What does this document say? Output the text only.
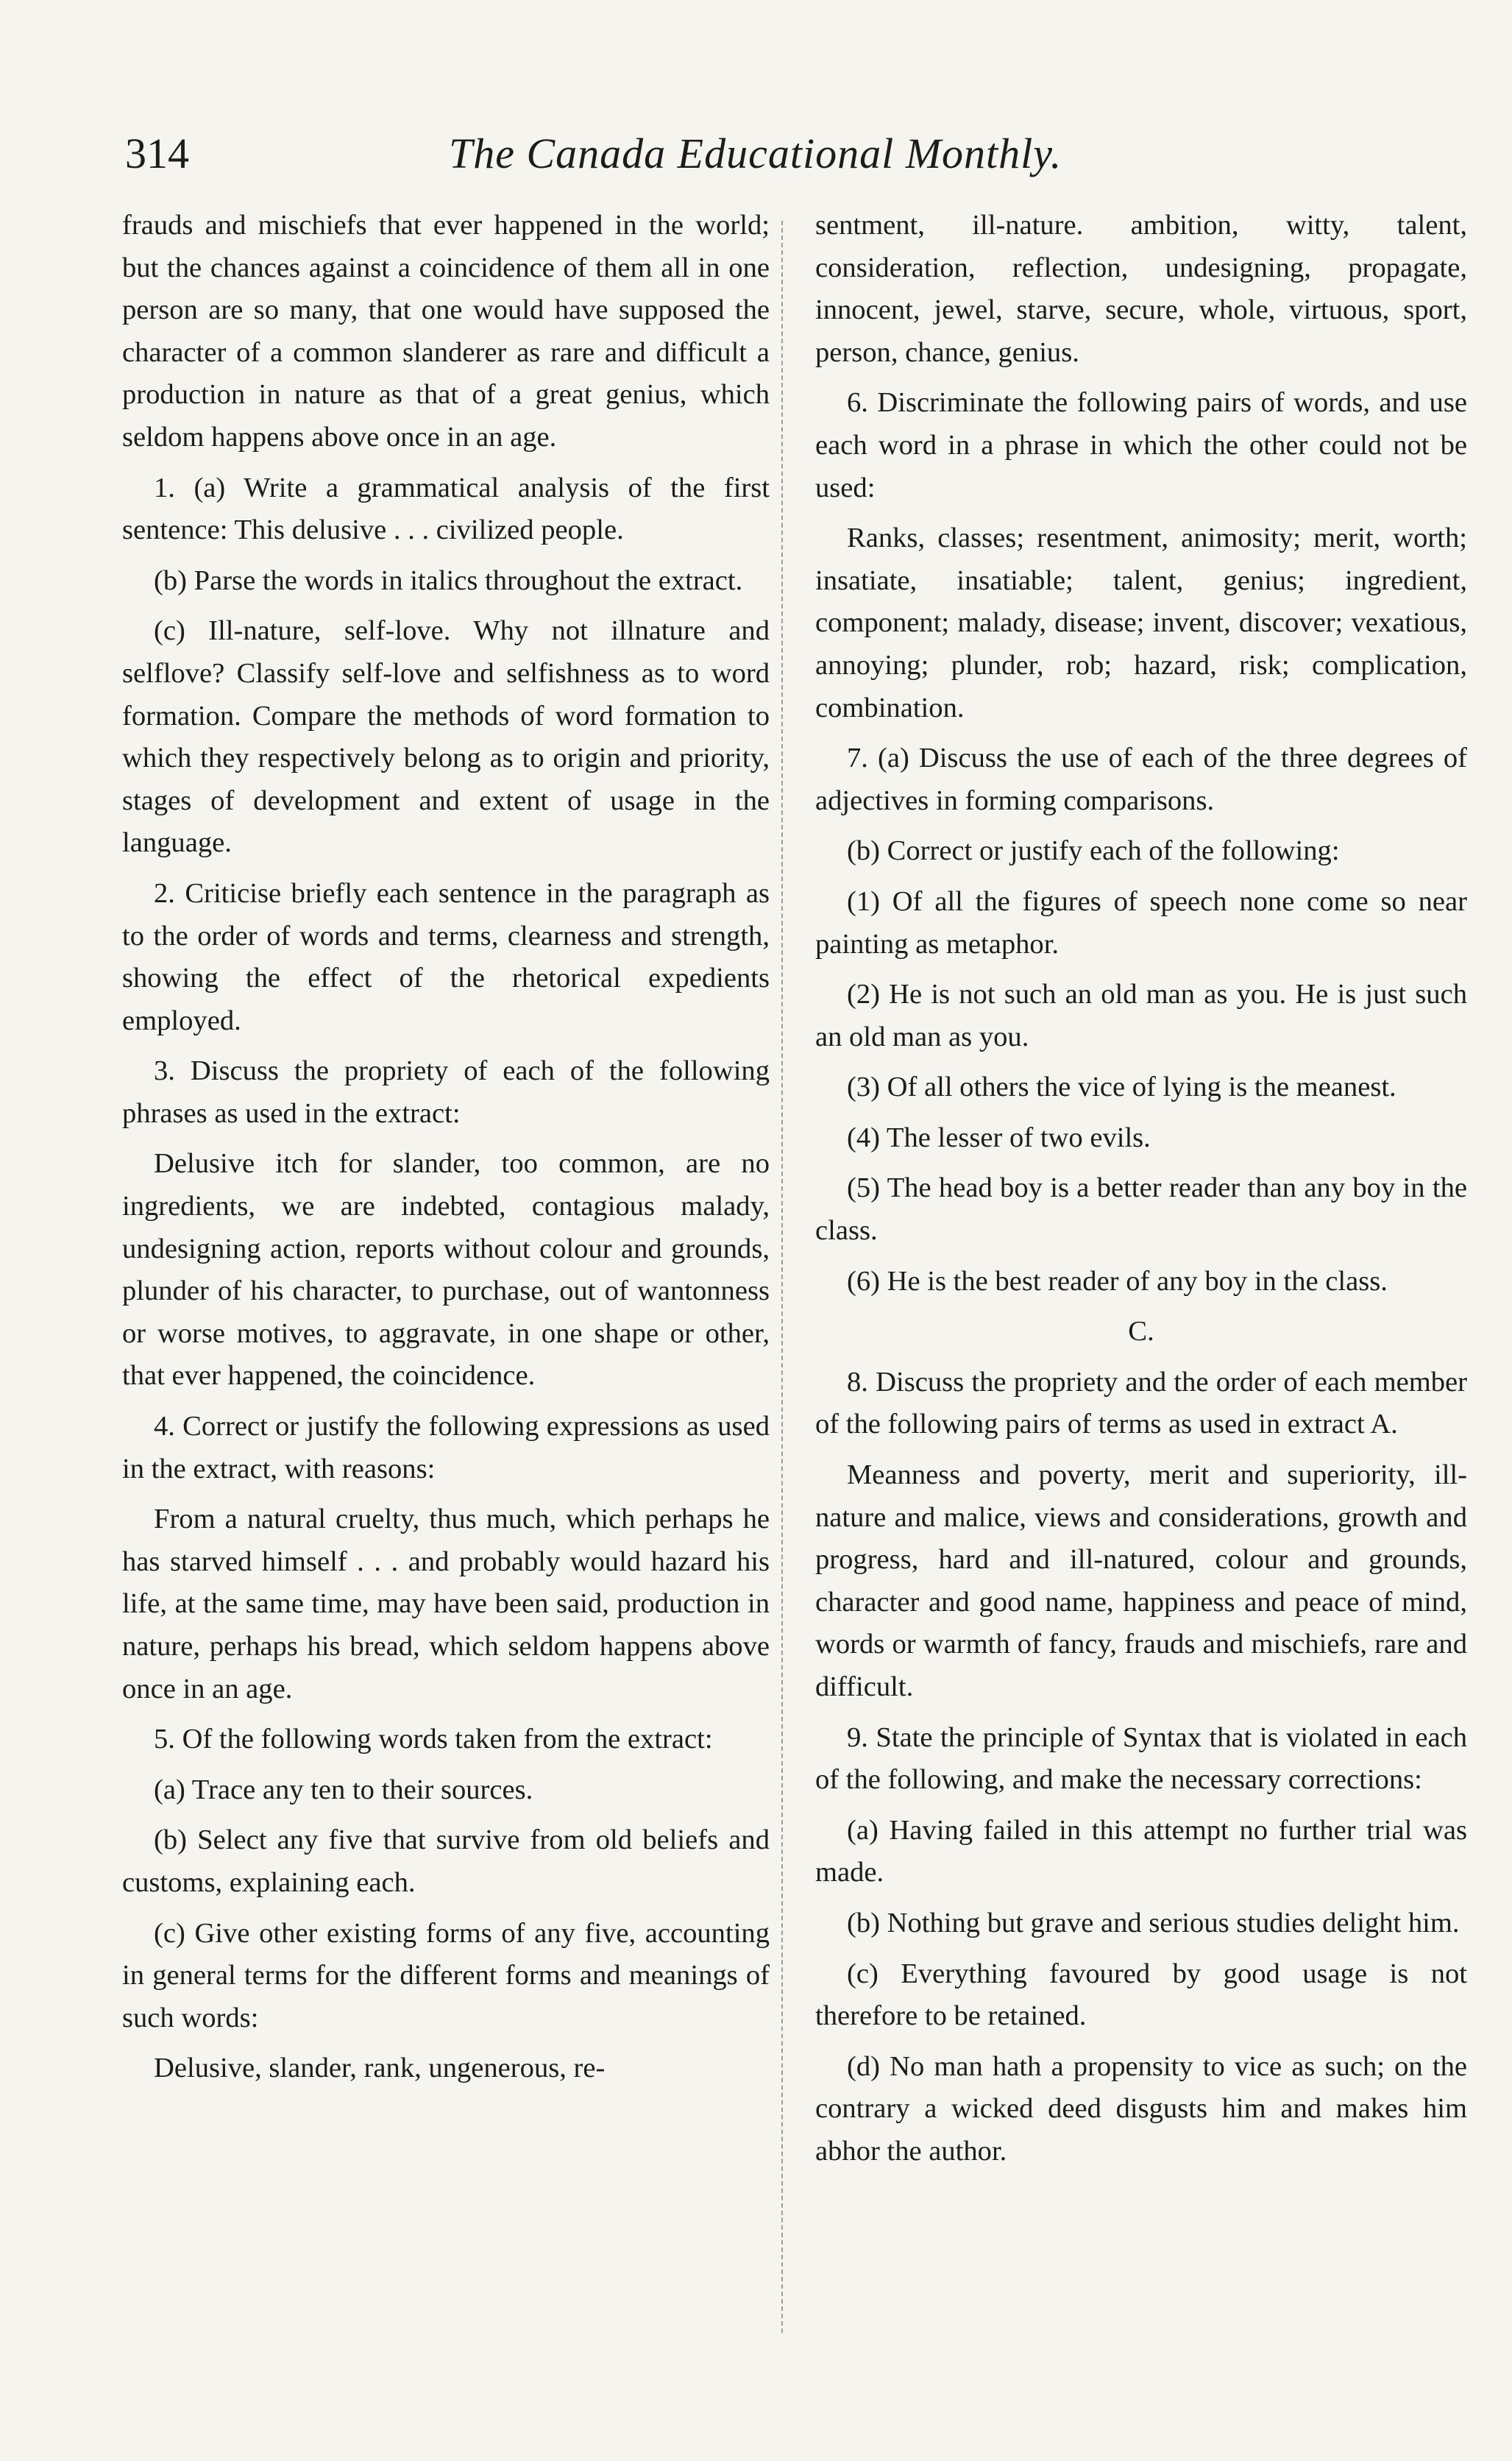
314	The Canada Educational Monthly.

frauds and mischiefs that ever happened in the world; but the chances against a coincidence of them all in one person are so many, that one would have supposed the character of a common slanderer as rare and difficult a production in nature as that of a great genius, which seldom happens above once in an age.

1. (a) Write a grammatical analysis of the first sentence: This delusive . . . civilized people.

(b) Parse the words in italics throughout the extract.

(c) Ill-nature, self-love. Why not illnature and selflove? Classify self-love and selfishness as to word formation. Compare the methods of word formation to which they respectively belong as to origin and priority, stages of development and extent of usage in the language.

2. Criticise briefly each sentence in the paragraph as to the order of words and terms, clearness and strength, showing the effect of the rhetorical expedients employed.

3. Discuss the propriety of each of the following phrases as used in the extract:

Delusive itch for slander, too common, are no ingredients, we are indebted, contagious malady, undesigning action, reports without colour and grounds, plunder of his character, to purchase, out of wantonness or worse motives, to aggravate, in one shape or other, that ever happened, the coincidence.

4. Correct or justify the following expressions as used in the extract, with reasons:

From a natural cruelty, thus much, which perhaps he has starved himself . . . and probably would hazard his life, at the same time, may have been said, production in nature, perhaps his bread, which seldom happens above once in an age.

5. Of the following words taken from the extract:

(a) Trace any ten to their sources.

(b) Select any five that survive from old beliefs and customs, explaining each.

(c) Give other existing forms of any five, accounting in general terms for the different forms and meanings of such words:

Delusive, slander, rank, ungenerous, re-

sentment, ill-nature. ambition, witty, talent, consideration, reflection, undesigning, propagate, innocent, jewel, starve, secure, whole, virtuous, sport, person, chance, genius.

6. Discriminate the following pairs of words, and use each word in a phrase in which the other could not be used:

Ranks, classes; resentment, animosity; merit, worth; insatiate, insatiable; talent, genius; ingredient, component; malady, disease; invent, discover; vexatious, annoying; plunder, rob; hazard, risk; complication, combination.

7. (a) Discuss the use of each of the three degrees of adjectives in forming comparisons.

(b) Correct or justify each of the following:

(1) Of all the figures of speech none come so near painting as metaphor.

(2) He is not such an old man as you. He is just such an old man as you.

(3) Of all others the vice of lying is the meanest.

(4) The lesser of two evils.

(5) The head boy is a better reader than any boy in the class.

(6) He is the best reader of any boy in the class.

C.

8. Discuss the propriety and the order of each member of the following pairs of terms as used in extract A.

Meanness and poverty, merit and superiority, ill-nature and malice, views and considerations, growth and progress, hard and ill-natured, colour and grounds, character and good name, happiness and peace of mind, words or warmth of fancy, frauds and mischiefs, rare and difficult.

9. State the principle of Syntax that is violated in each of the following, and make the necessary corrections:

(a) Having failed in this attempt no further trial was made.

(b) Nothing but grave and serious studies delight him.

(c) Everything favoured by good usage is not therefore to be retained.

(d) No man hath a propensity to vice as such; on the contrary a wicked deed disgusts him and makes him abhor the author.
